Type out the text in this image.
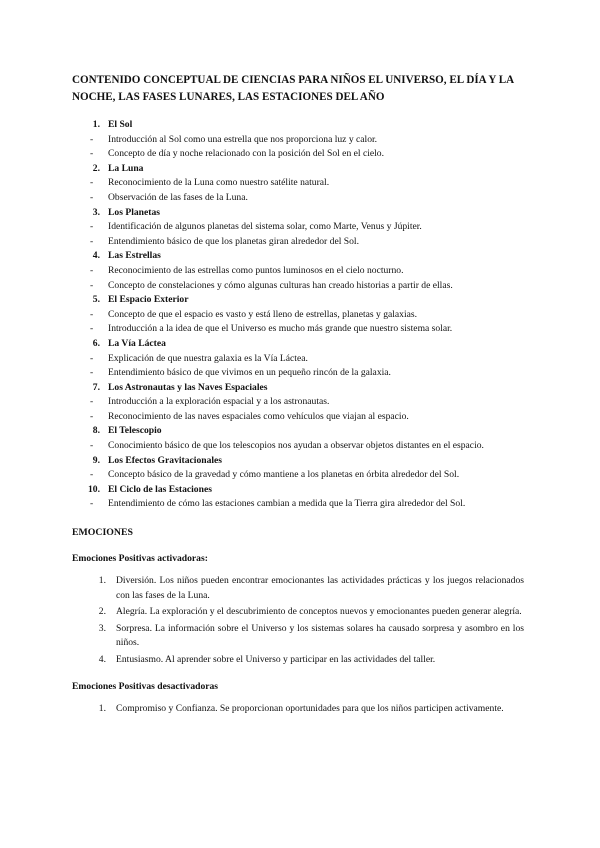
CONTENIDO CONCEPTUAL DE CIENCIAS PARA NIÑOS EL UNIVERSO, EL DÍA Y LA NOCHE, LAS FASES LUNARES, LAS ESTACIONES DEL AÑO
1. El Sol
-	Introducción al Sol como una estrella que nos proporciona luz y calor.
-	Concepto de día y noche relacionado con la posición del Sol en el cielo.
2. La Luna
-	Reconocimiento de la Luna como nuestro satélite natural.
-	Observación de las fases de la Luna.
3. Los Planetas
-	Identificación de algunos planetas del sistema solar, como Marte, Venus y Júpiter.
-	Entendimiento básico de que los planetas giran alrededor del Sol.
4. Las Estrellas
-	Reconocimiento de las estrellas como puntos luminosos en el cielo nocturno.
-	Concepto de constelaciones y cómo algunas culturas han creado historias a partir de ellas.
5. El Espacio Exterior
-	Concepto de que el espacio es vasto y está lleno de estrellas, planetas y galaxias.
-	Introducción a la idea de que el Universo es mucho más grande que nuestro sistema solar.
6. La Vía Láctea
-	Explicación de que nuestra galaxia es la Vía Láctea.
-	Entendimiento básico de que vivimos en un pequeño rincón de la galaxia.
7. Los Astronautas y las Naves Espaciales
-	Introducción a la exploración espacial y a los astronautas.
-	Reconocimiento de las naves espaciales como vehículos que viajan al espacio.
8. El Telescopio
-	Conocimiento básico de que los telescopios nos ayudan a observar objetos distantes en el espacio.
9. Los Efectos Gravitacionales
-	Concepto básico de la gravedad y cómo mantiene a los planetas en órbita alrededor del Sol.
10. El Ciclo de las Estaciones
-	Entendimiento de cómo las estaciones cambian a medida que la Tierra gira alrededor del Sol.
EMOCIONES
Emociones Positivas activadoras:
1.	Diversión. Los niños pueden encontrar emocionantes las actividades prácticas y los juegos relacionados con las fases de la Luna.
2.	Alegría. La exploración y el descubrimiento de conceptos nuevos y emocionantes pueden generar alegría.
3.	Sorpresa. La información sobre el Universo y los sistemas solares ha causado sorpresa y asombro en los niños.
4.	Entusiasmo. Al aprender sobre el Universo y participar en las actividades del taller.
Emociones Positivas desactivadoras
1.	Compromiso y Confianza. Se proporcionan oportunidades para que los niños participen activamente.
